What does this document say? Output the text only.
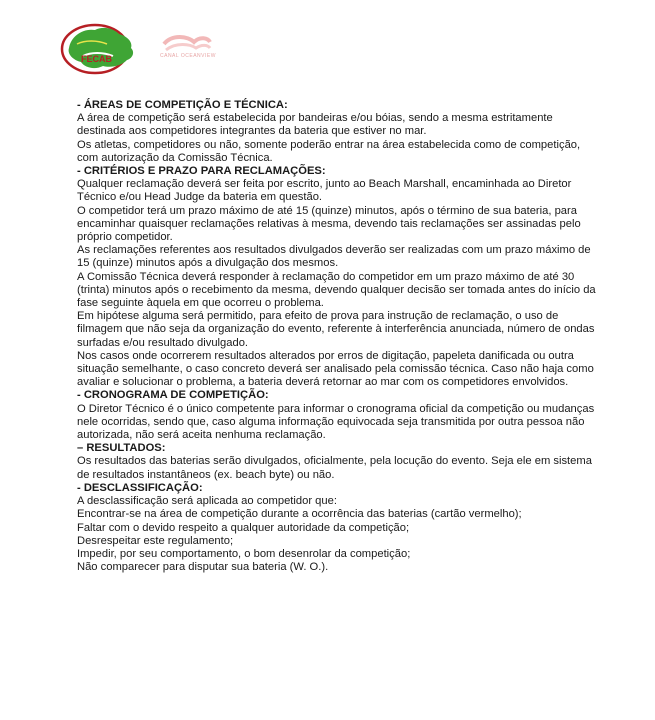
FECAB	CANAL OCEANVIEW

- ÁREAS DE COMPETIÇÃO E TÉCNICA:

A área de competição será estabelecida por bandeiras e/ou bóias, sendo a mesma estritamente destinada aos competidores integrantes da bateria que estiver no mar.

Os atletas, competidores ou não, somente poderão entrar na área estabelecida como de competição, com autorização da Comissão Técnica.

- CRITÉRIOS E PRAZO PARA RECLAMAÇÕES:

Qualquer reclamação deverá ser feita por escrito, junto ao Beach Marshall, encaminhada ao Diretor Técnico e/ou Head Judge da bateria em questão.

O competidor terá um prazo máximo de até 15 (quinze) minutos, após o término de sua bateria, para encaminhar quaisquer reclamações relativas à mesma, devendo tais reclamações ser assinadas pelo próprio competidor.

As reclamações referentes aos resultados divulgados deverão ser realizadas com um prazo máximo de 15 (quinze) minutos após a divulgação dos mesmos.

A Comissão Técnica deverá responder à reclamação do competidor em um prazo máximo de até 30 (trinta) minutos após o recebimento da mesma, devendo qualquer decisão ser tomada antes do início da fase seguinte àquela em que ocorreu o problema.

Em hipótese alguma será permitido, para efeito de prova para instrução de reclamação, o uso de filmagem que não seja da organização do evento, referente à interferência anunciada, número de ondas surfadas e/ou resultado divulgado.

Nos casos onde ocorrerem resultados alterados por erros de digitação, papeleta danificada ou outra situação semelhante, o caso concreto deverá ser analisado pela comissão técnica. Caso não haja como avaliar e solucionar o problema, a bateria deverá retornar ao mar com os competidores envolvidos.

- CRONOGRAMA DE COMPETIÇÃO:

O Diretor Técnico é o único competente para informar o cronograma oficial da competição ou mudanças nele ocorridas, sendo que, caso alguma informação equivocada seja transmitida por outra pessoa não autorizada, não será aceita nenhuma reclamação.

– RESULTADOS:

Os resultados das baterias serão divulgados, oficialmente, pela locução do evento. Seja ele em sistema de resultados instantâneos (ex. beach byte) ou não.

- DESCLASSIFICAÇÃO:

A desclassificação será aplicada ao competidor que:

Encontrar-se na área de competição durante a ocorrência das baterias (cartão vermelho);

Faltar com o devido respeito a qualquer autoridade da competição;

Desrespeitar este regulamento;

Impedir, por seu comportamento, o bom desenrolar da competição;

Não comparecer para disputar sua bateria (W. O.).
